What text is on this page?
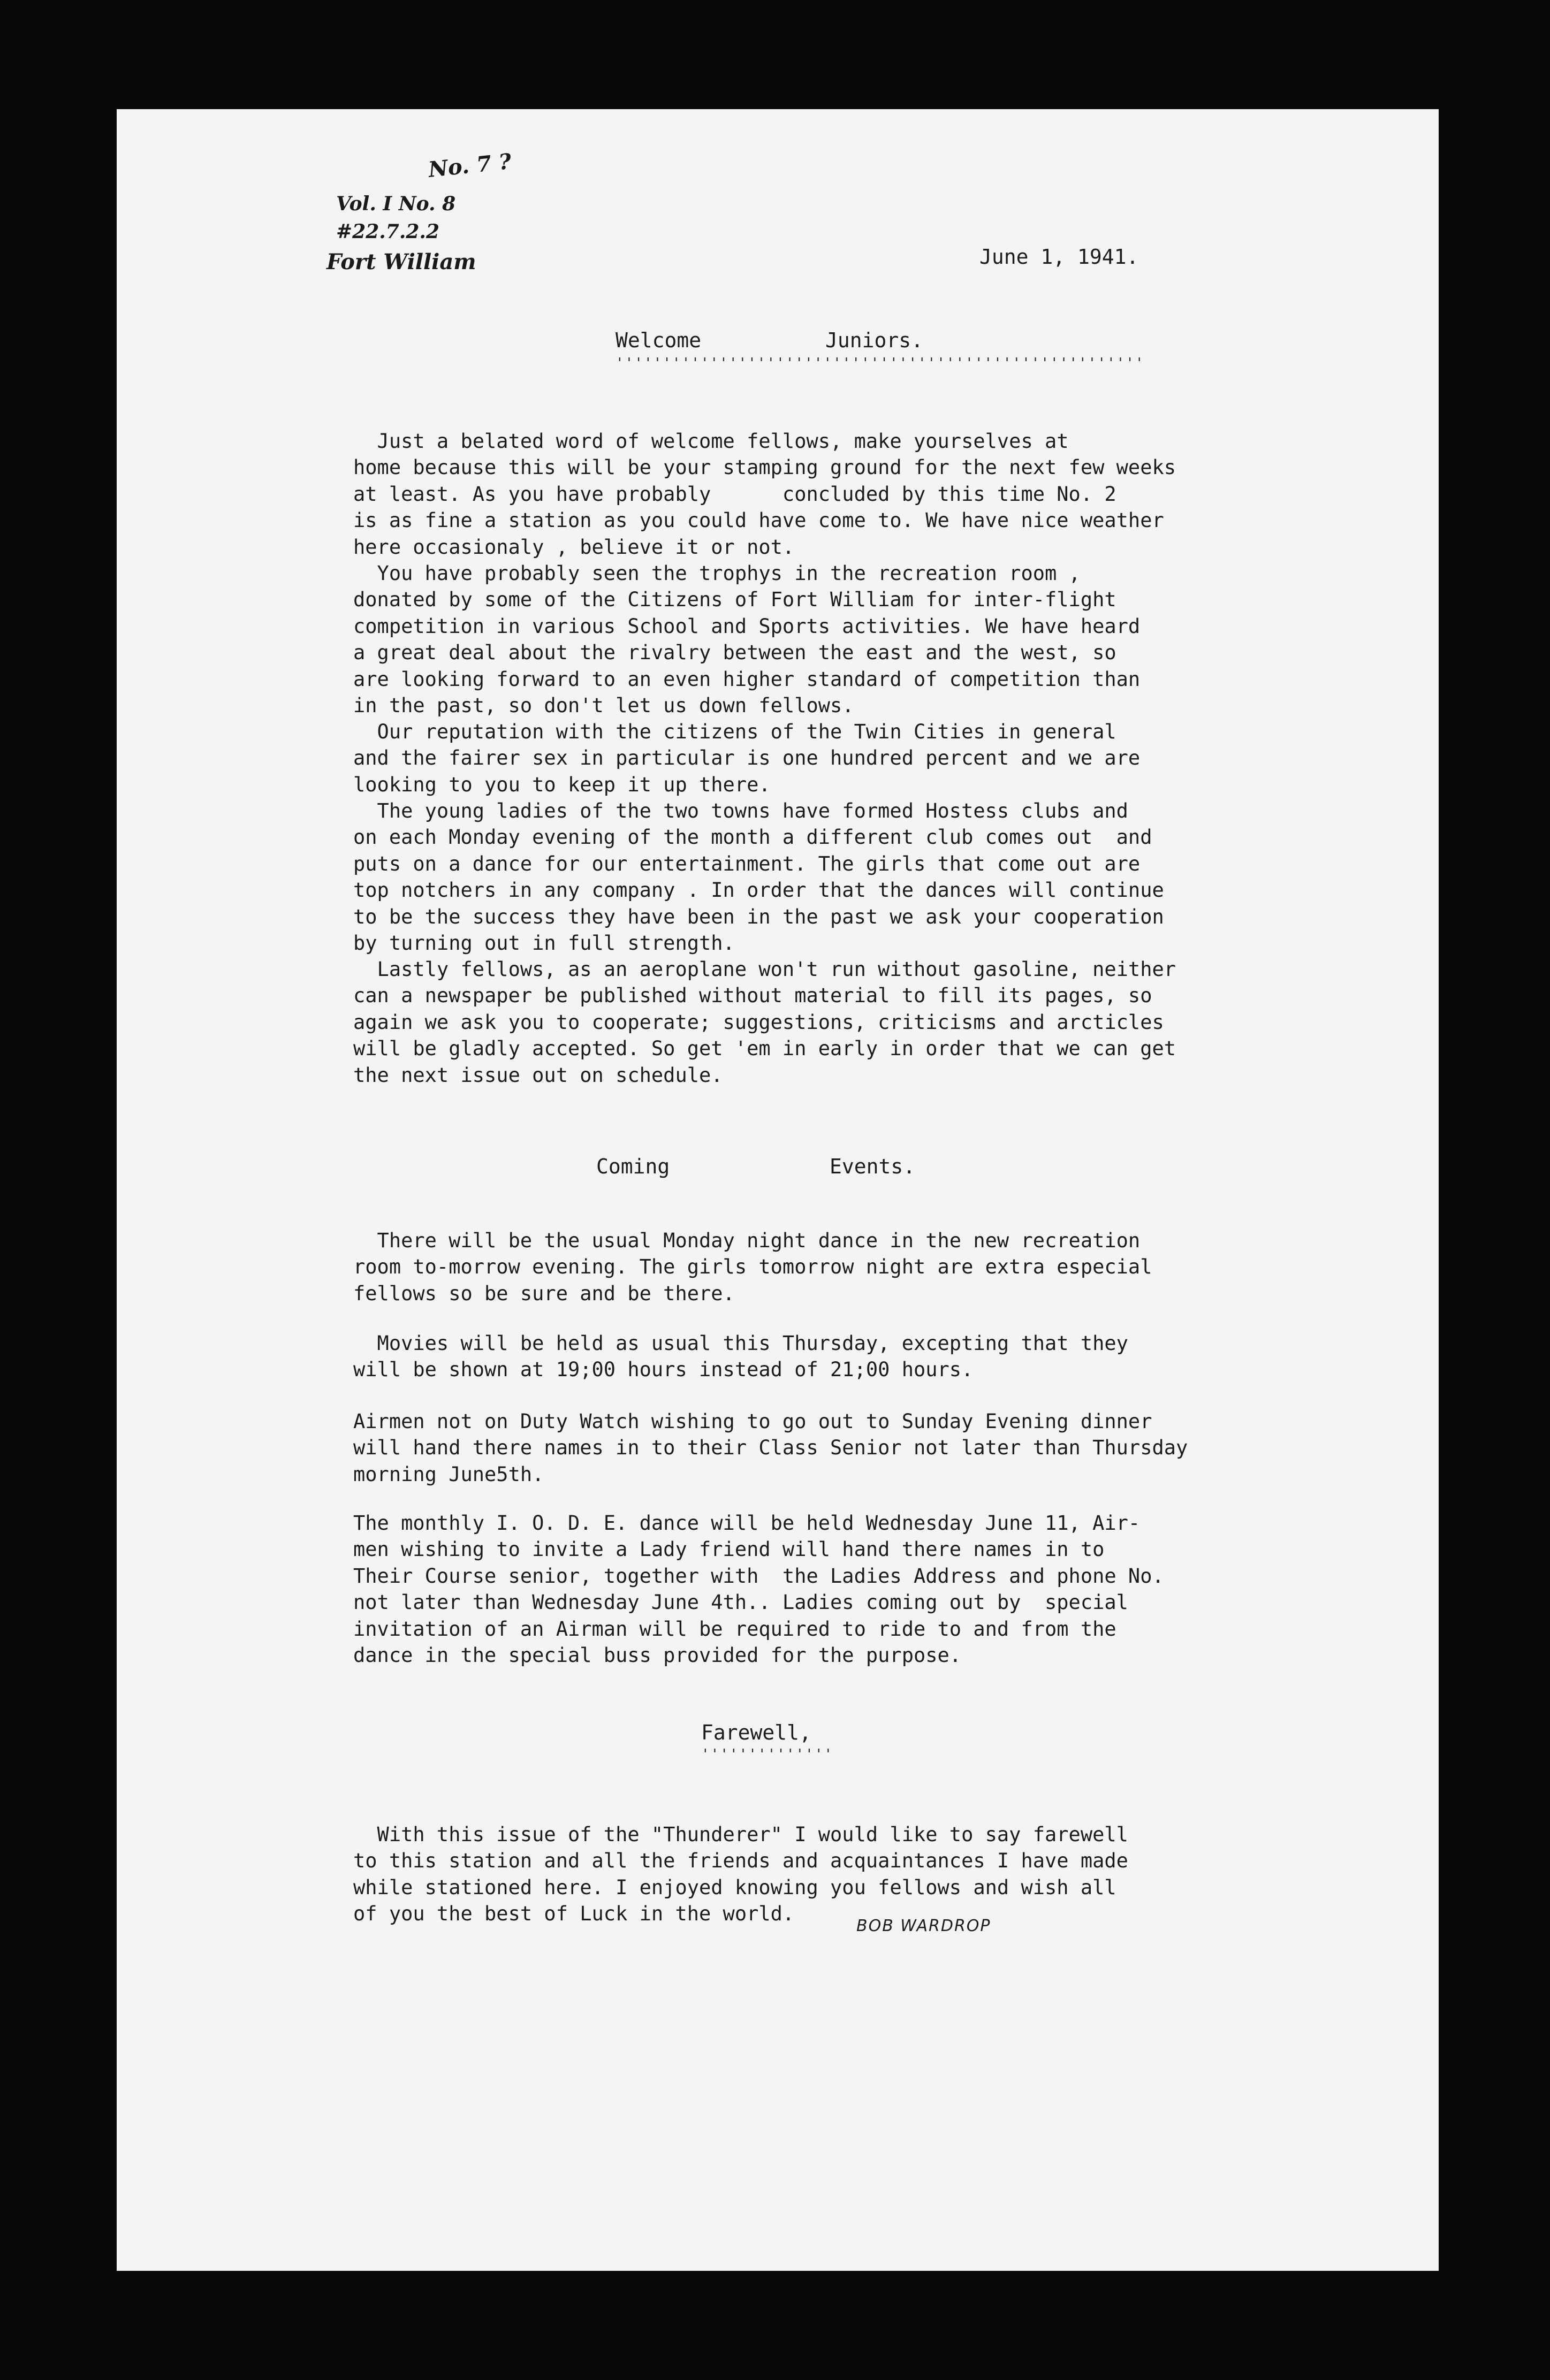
No. 7 ?
Vol. I No. 8
#22.7.2.2
Fort William	June 1, 1941.
Welcome	Juniors.
''''''''''''''''''''''''''''''''''''''''''''''''''''''''
Just a belated word of welcome fellows, make yourselves at
home because this will be your stamping ground for the next few weeks
at least. As you have probably      concluded by this time No. 2
is as fine a station as you could have come to. We have nice weather
here occasionaly , believe it or not.
You have probably seen the trophys in the recreation room ,
donated by some of the Citizens of Fort William for inter-flight
competition in various School and Sports activities. We have heard
a great deal about the rivalry between the east and the west, so
are looking forward to an even higher standard of competition than
in the past, so don't let us down fellows.
Our reputation with the citizens of the Twin Cities in general
and the fairer sex in particular is one hundred percent and we are
looking to you to keep it up there.
The young ladies of the two towns have formed Hostess clubs and
on each Monday evening of the month a different club comes out  and
puts on a dance for our entertainment. The girls that come out are
top notchers in any company . In order that the dances will continue
to be the success they have been in the past we ask your cooperation
by turning out in full strength.
Lastly fellows, as an aeroplane won't run without gasoline, neither
can a newspaper be published without material to fill its pages, so
again we ask you to cooperate; suggestions, criticisms and arcticles
will be gladly accepted. So get 'em in early in order that we can get
the next issue out on schedule.
Coming	Events.
There will be the usual Monday night dance in the new recreation
room to-morrow evening. The girls tomorrow night are extra especial
fellows so be sure and be there.
Movies will be held as usual this Thursday, excepting that they
will be shown at 19;00 hours instead of 21;00 hours.
Airmen not on Duty Watch wishing to go out to Sunday Evening dinner
will hand there names in to their Class Senior not later than Thursday
morning June5th.
The monthly I. O. D. E. dance will be held Wednesday June 11, Air-
men wishing to invite a Lady friend will hand there names in to
Their Course senior, together with  the Ladies Address and phone No.
not later than Wednesday June 4th.. Ladies coming out by  special
invitation of an Airman will be required to ride to and from the
dance in the special buss provided for the purpose.
Farewell,
''''''''''''''
With this issue of the "Thunderer" I would like to say farewell
to this station and all the friends and acquaintances I have made
while stationed here. I enjoyed knowing you fellows and wish all
of you the best of Luck in the world.
BOB WARDROP
